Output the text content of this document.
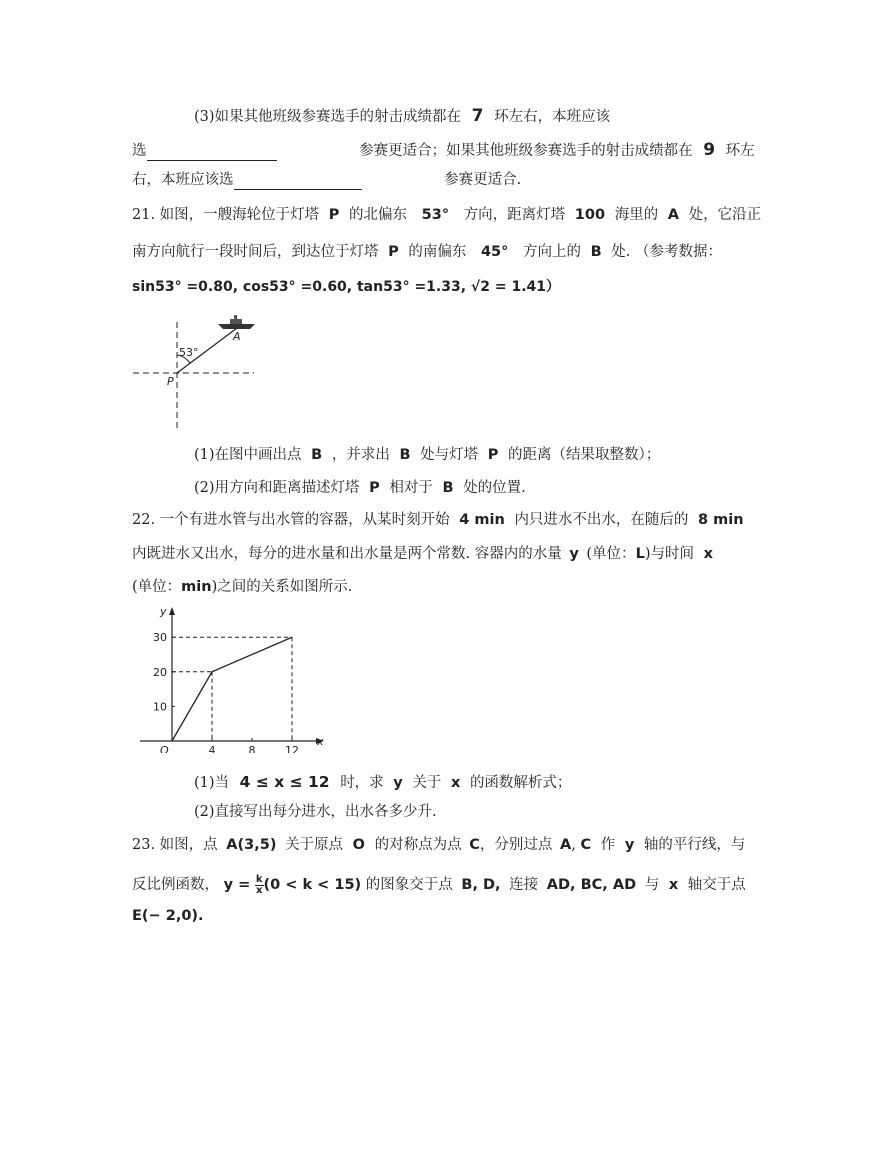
(3)如果其他班级参赛选手的射击成绩都在 7 环左右，本班应该
选	参赛更适合；如果其他班级参赛选手的射击成绩都在 9 环左
右，本班应该选	参赛更适合.
21. 如图，一艘海轮位于灯塔 P 的北偏东 53° 方向，距离灯塔 100 海里的 A 处，它沿正
南方向航行一段时间后，到达位于灯塔 P 的南偏东 45° 方向上的 B 处. （参考数据：
sin53° =0.80, cos53° =0.60, tan53° =1.33, √2 = 1.41）
53°
A
P
(1)在图中画出点 B ，并求出 B 处与灯塔 P 的距离（结果取整数）；
(2)用方向和距离描述灯塔 P 相对于 B 处的位置.
22. 一个有进水管与出水管的容器，从某时刻开始 4 min 内只进水不出水，在随后的 8 min
内既进水又出水，每分的进水量和出水量是两个常数. 容器内的水量 y (单位：L)与时间 x
(单位：min)之间的关系如图所示.
x
y
O	4	8	12
10
20
30
(1)当 4 ≤ x ≤ 12 时，求 y 关于 x 的函数解析式；
(2)直接写出每分进水，出水各多少升.
23. 如图，点 A(3,5) 关于原点 O 的对称点为点 C，分别过点 A, C 作 y 轴的平行线，与
反比例函数， $y = \frac{k}{x} (0 < k < 15)$ 的图象交于点 B, D, 连接 AD, BC, AD 与 x 轴交于点
E(− 2,0).
